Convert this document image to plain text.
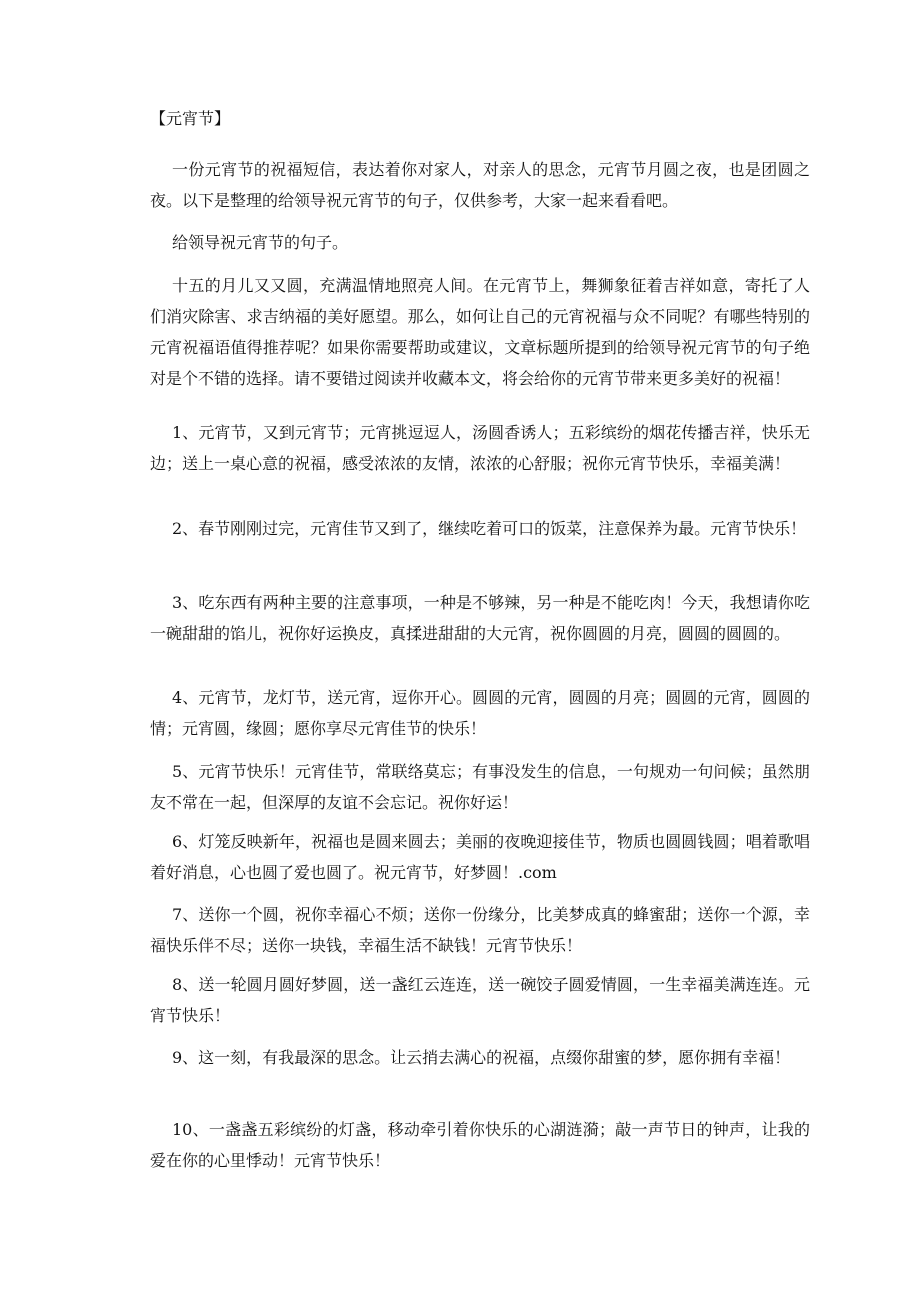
【元宵节】

一份元宵节的祝福短信，表达着你对家人，对亲人的思念，元宵节月圆之夜，也是团圆之夜。以下是整理的给领导祝元宵节的句子，仅供参考，大家一起来看看吧。

给领导祝元宵节的句子。

十五的月儿又又圆，充满温情地照亮人间。在元宵节上，舞狮象征着吉祥如意，寄托了人们消灾除害、求吉纳福的美好愿望。那么，如何让自己的元宵祝福与众不同呢？有哪些特别的元宵祝福语值得推荐呢？如果你需要帮助或建议，文章标题所提到的给领导祝元宵节的句子绝对是个不错的选择。请不要错过阅读并收藏本文，将会给你的元宵节带来更多美好的祝福！

1、元宵节，又到元宵节；元宵挑逗逗人，汤圆香诱人；五彩缤纷的烟花传播吉祥，快乐无边；送上一桌心意的祝福，感受浓浓的友情，浓浓的心舒服；祝你元宵节快乐，幸福美满！

2、春节刚刚过完，元宵佳节又到了，继续吃着可口的饭菜，注意保养为最。元宵节快乐！

3、吃东西有两种主要的注意事项，一种是不够辣，另一种是不能吃肉！今天，我想请你吃一碗甜甜的馅儿，祝你好运换皮，真揉进甜甜的大元宵，祝你圆圆的月亮，圆圆的圆圆的。

4、元宵节，龙灯节，送元宵，逗你开心。圆圆的元宵，圆圆的月亮；圆圆的元宵，圆圆的情；元宵圆，缘圆；愿你享尽元宵佳节的快乐！

5、元宵节快乐！元宵佳节，常联络莫忘；有事没发生的信息，一句规劝一句问候；虽然朋友不常在一起，但深厚的友谊不会忘记。祝你好运！

6、灯笼反映新年，祝福也是圆来圆去；美丽的夜晚迎接佳节，物质也圆圆钱圆；唱着歌唱着好消息，心也圆了爱也圆了。祝元宵节，好梦圆！.com

7、送你一个圆，祝你幸福心不烦；送你一份缘分，比美梦成真的蜂蜜甜；送你一个源，幸福快乐伴不尽；送你一块钱，幸福生活不缺钱！元宵节快乐！

8、送一轮圆月圆好梦圆，送一盏红云连连，送一碗饺子圆爱情圆，一生幸福美满连连。元宵节快乐！

9、这一刻，有我最深的思念。让云捎去满心的祝福，点缀你甜蜜的梦，愿你拥有幸福！

10、一盏盏五彩缤纷的灯盏，移动牵引着你快乐的心湖涟漪；敲一声节日的钟声，让我的爱在你的心里悸动！元宵节快乐！
